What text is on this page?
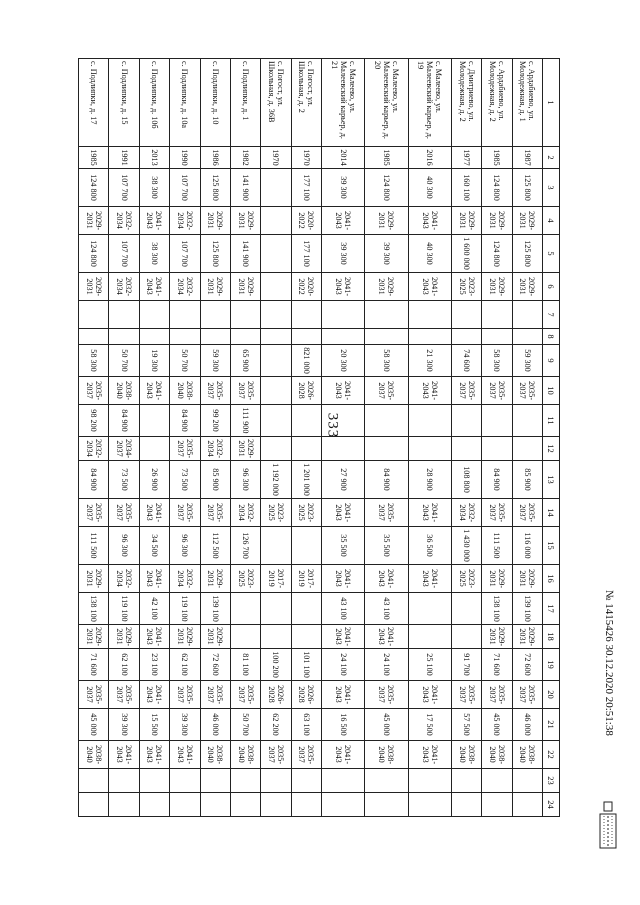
333
1	2	3	4	5	6	7	8	9	10	11	12	13	14	15	16	17	18	19	20	21	22	23	24
с. Ардабиево, ул. Молодежная, д. 1	1987	125 800	2029-2031	125 800	2029-2031			59 300	2035-2037			85 900	2035-2037	116 000	2029-2031	139 100	2029-2031	72 600	2035-2037	46 000	2038-2040		
с. Ардабиево, ул. Молодежная, д. 2	1985	124 800	2029-2031	124 800	2029-2031			58 300	2035-2037			84 900	2035-2037	111 500	2029-2031	138 100	2029-2031	71 600	2035-2037	45 000	2038-2040		
с. Дмитриево, ул. Молодежная, д. 2	1977	160 100	2029-2031	1 600 000	2023-2025			74 600	2035-2037			108 800	2032-2034	1 430 000	2023-2025			91 700	2035-2037	57 500	2038-2040		
с. Малеево, ул. Малеевский карьер, д. 19	2016	40 300	2041-2043	40 300	2041-2043			21 300	2041-2043			28 900	2041-2043	36 500	2041-2043			25 100	2041-2043	17 500	2041-2043		
с. Малеево, ул. Малеевский карьер, д. 20	1985	124 800	2029-2031	39 300	2029-2031			58 300	2035-2037			84 900	2035-2037	35 500	2041-2043	43 100	2041-2043	24 100	2035-2037	45 000	2038-2040		
с. Малеево, ул. Малеевский карьер, д. 21	2014	39 300	2041-2043	39 300	2041-2043			20 300	2041-2043			27 900	2041-2043	35 500	2041-2043	43 100	2041-2043	24 100	2041-2043	16 500	2041-2043		
с. Погост, ул. Школьная, д. 2	1970	177 100	2020-2022	177 100	2020-2022			821 000	2026-2028			1 201 000	2023-2025		2017-2019			101 100	2026-2028	63 100	2035-2037		
с. Погост, ул. Школьная, д. 36В	1970											1 192 000	2023-2025		2017-2019			100 200	2026-2028	62 200	2035-2037		
с. Подлипки, д. 1	1982	141 900	2029-2031	141 900	2029-2031			65 900	2035-2037	111 900	2029-2031	96 300	2032-2034	126 700	2023-2025			81 100	2035-2037	50 700	2038-2040		
с. Подлипки, д. 10	1986	125 800	2029-2031	125 800	2029-2031			59 300	2035-2037	99 200	2032-2034	85 900	2035-2037	112 500	2029-2031	139 100	2029-2031	72 600	2035-2037	46 000	2038-2040		
с. Подлипки, д. 10а	1990	107 700	2032-2034	107 700	2032-2034			50 700	2038-2040	84 900	2035-2037	73 500	2035-2037	96 300	2032-2034	119 100	2029-2031	62 100	2035-2037	39 300	2041-2043		
с. Подлипки, д. 10б	2013	38 300	2041-2043	38 300	2041-2043			19 300	2041-2043			26 900	2041-2043	34 500	2041-2043	42 100	2041-2043	23 100	2041-2043	15 500	2041-2043		
с. Подлипки, д. 15	1991	107 700	2032-2034	107 700	2032-2034			50 700	2038-2040	84 900	2034-2037	73 500	2035-2037	96 300	2032-2034	119 100	2029-2031	62 100	2035-2037	39 300	2041-2043		
с. Подлипки, д. 17	1985	124 800	2029-2031	124 800	2029-2031			58 300	2035-2037	98 200	2032-2034	84 900	2035-2037	111 500	2029-2031	138 100	2029-2031	71 600	2035-2037	45 000	2038-2040		
№ 1415426 30.12.2020 20:51:38
